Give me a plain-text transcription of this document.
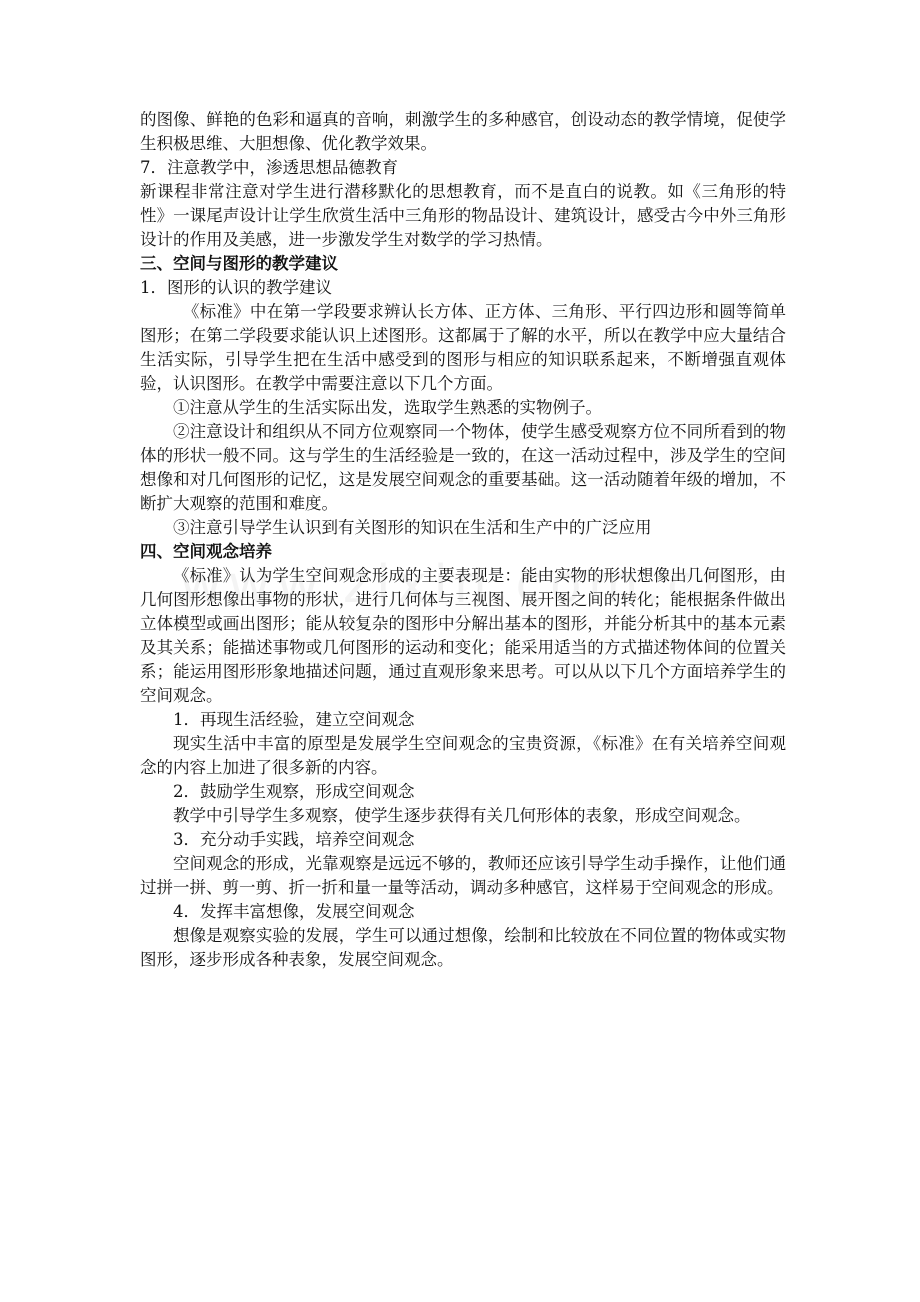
的图像、鲜艳的色彩和逼真的音响，刺激学生的多种感官，创设动态的教学情境，促使学生积极思维、大胆想像、优化教学效果。

7．注意教学中，渗透思想品德教育

新课程非常注意对学生进行潜移默化的思想教育，而不是直白的说教。如《三角形的特性》一课尾声设计让学生欣赏生活中三角形的物品设计、建筑设计，感受古今中外三角形设计的作用及美感，进一步激发学生对数学的学习热情。

三、空间与图形的教学建议

1．图形的认识的教学建议

《标准》中在第一学段要求辨认长方体、正方体、三角形、平行四边形和圆等简单图形；在第二学段要求能认识上述图形。这都属于了解的水平，所以在教学中应大量结合生活实际，引导学生把在生活中感受到的图形与相应的知识联系起来，不断增强直观体验，认识图形。在教学中需要注意以下几个方面。

①注意从学生的生活实际出发，选取学生熟悉的实物例子。

②注意设计和组织从不同方位观察同一个物体，使学生感受观察方位不同所看到的物体的形状一般不同。这与学生的生活经验是一致的，在这一活动过程中，涉及学生的空间想像和对几何图形的记忆，这是发展空间观念的重要基础。这一活动随着年级的增加，不断扩大观察的范围和难度。

③注意引导学生认识到有关图形的知识在生活和生产中的广泛应用

四、空间观念培养

《标准》认为学生空间观念形成的主要表现是：能由实物的形状想像出几何图形，由几何图形想像出事物的形状，进行几何体与三视图、展开图之间的转化；能根据条件做出立体模型或画出图形；能从较复杂的图形中分解出基本的图形，并能分析其中的基本元素及其关系；能描述事物或几何图形的运动和变化；能采用适当的方式描述物体间的位置关系；能运用图形形象地描述问题，通过直观形象来思考。可以从以下几个方面培养学生的空间观念。

1．再现生活经验，建立空间观念

现实生活中丰富的原型是发展学生空间观念的宝贵资源，《标准》在有关培养空间观念的内容上加进了很多新的内容。

2．鼓励学生观察，形成空间观念

教学中引导学生多观察，使学生逐步获得有关几何形体的表象，形成空间观念。

3．充分动手实践，培养空间观念

空间观念的形成，光靠观察是远远不够的，教师还应该引导学生动手操作，让他们通过拼一拼、剪一剪、折一折和量一量等活动，调动多种感官，这样易于空间观念的形成。

4．发挥丰富想像，发展空间观念

想像是观察实验的发展，学生可以通过想像，绘制和比较放在不同位置的物体或实物图形，逐步形成各种表象，发展空间观念。
